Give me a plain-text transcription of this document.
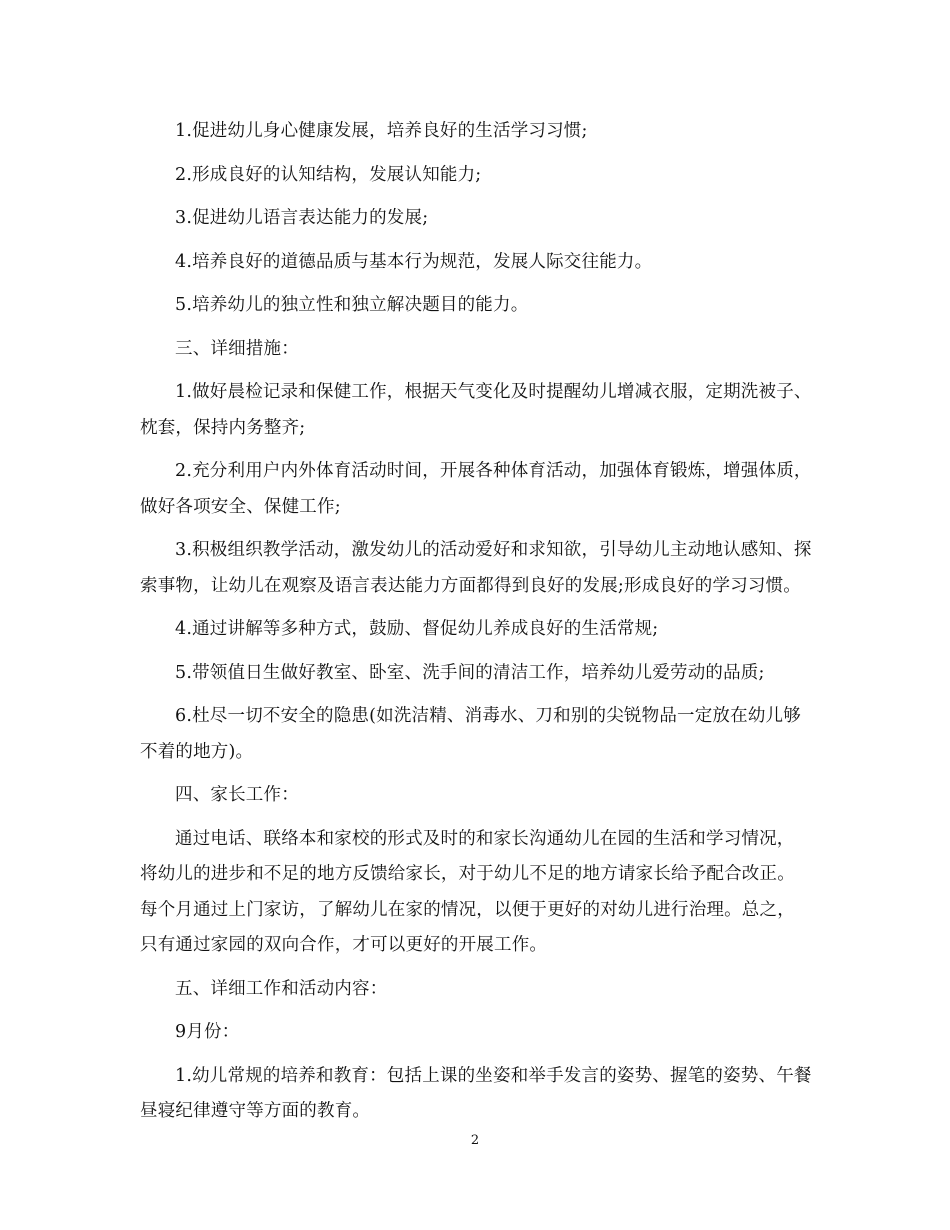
1.促进幼儿身心健康发展，培养良好的生活学习习惯;

2.形成良好的认知结构，发展认知能力;

3.促进幼儿语言表达能力的发展;

4.培养良好的道德品质与基本行为规范，发展人际交往能力。

5.培养幼儿的独立性和独立解决题目的能力。

三、详细措施：

1.做好晨检记录和保健工作，根据天气变化及时提醒幼儿增减衣服，定期洗被子、枕套，保持内务整齐;

2.充分利用户内外体育活动时间，开展各种体育活动，加强体育锻炼，增强体质，做好各项安全、保健工作;

3.积极组织教学活动，激发幼儿的活动爱好和求知欲，引导幼儿主动地认感知、探索事物，让幼儿在观察及语言表达能力方面都得到良好的发展;形成良好的学习习惯。

4.通过讲解等多种方式，鼓励、督促幼儿养成良好的生活常规;

5.带领值日生做好教室、卧室、洗手间的清洁工作，培养幼儿爱劳动的品质;

6.杜尽一切不安全的隐患(如洗洁精、消毒水、刀和别的尖锐物品一定放在幼儿够不着的地方)。

四、家长工作：

通过电话、联络本和家校的形式及时的和家长沟通幼儿在园的生活和学习情况，将幼儿的进步和不足的地方反馈给家长，对于幼儿不足的地方请家长给予配合改正。每个月通过上门家访，了解幼儿在家的情况，以便于更好的对幼儿进行治理。总之，只有通过家园的双向合作，才可以更好的开展工作。

五、详细工作和活动内容：

9月份：

1.幼儿常规的培养和教育：包括上课的坐姿和举手发言的姿势、握笔的姿势、午餐昼寝纪律遵守等方面的教育。

2
